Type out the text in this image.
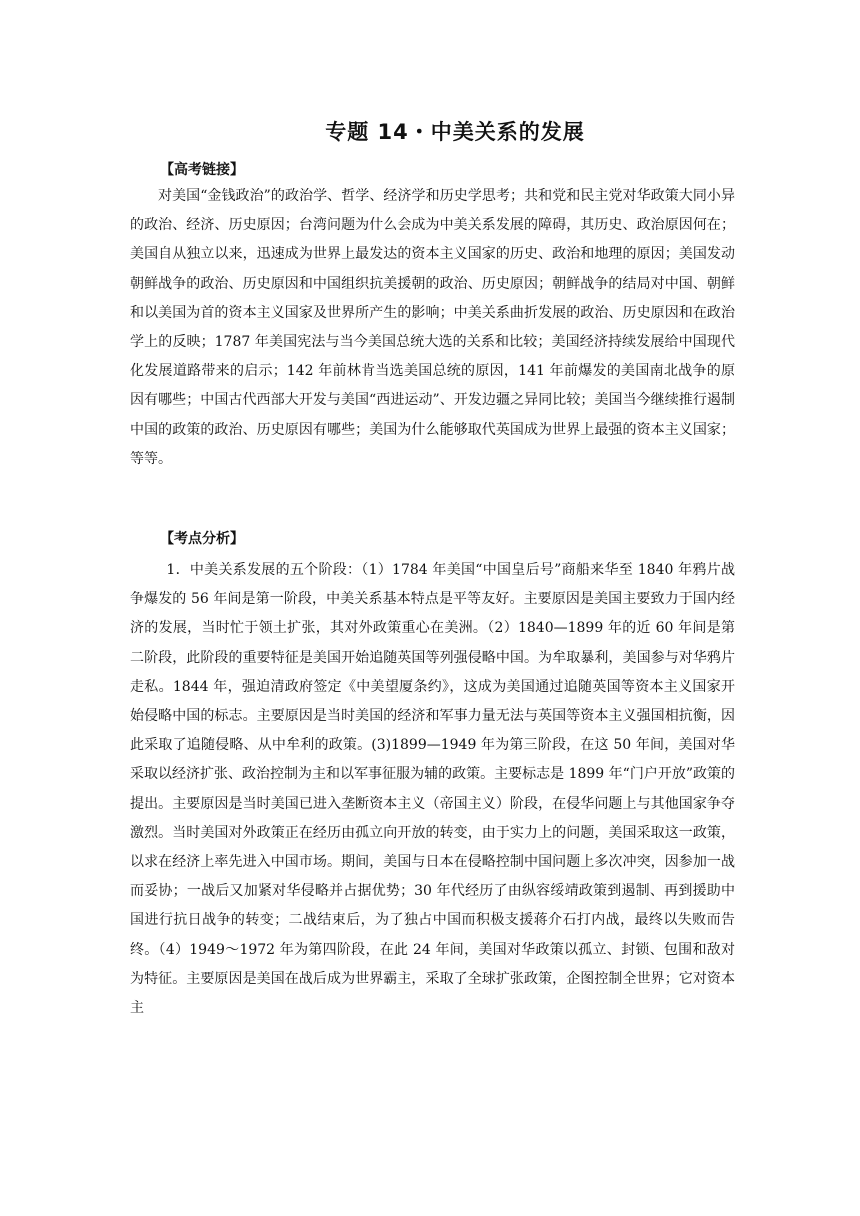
专题 14・中美关系的发展
【高考链接】

对美国“金钱政治”的政治学、哲学、经济学和历史学思考；共和党和民主党对华政策大同小异的政治、经济、历史原因；台湾问题为什么会成为中美关系发展的障碍，其历史、政治原因何在；美国自从独立以来，迅速成为世界上最发达的资本主义国家的历史、政治和地理的原因；美国发动朝鲜战争的政治、历史原因和中国组织抗美援朝的政治、历史原因；朝鲜战争的结局对中国、朝鲜和以美国为首的资本主义国家及世界所产生的影响；中美关系曲折发展的政治、历史原因和在政治学上的反映；1787 年美国宪法与当今美国总统大选的关系和比较；美国经济持续发展给中国现代化发展道路带来的启示；142 年前林肯当选美国总统的原因，141 年前爆发的美国南北战争的原因有哪些；中国古代西部大开发与美国“西进运动”、开发边疆之异同比较；美国当今继续推行遏制中国的政策的政治、历史原因有哪些；美国为什么能够取代英国成为世界上最强的资本主义国家；等等。

【考点分析】

1．中美关系发展的五个阶段：（1）1784 年美国“中国皇后号”商船来华至 1840 年鸦片战争爆发的 56 年间是第一阶段，中美关系基本特点是平等友好。主要原因是美国主要致力于国内经济的发展，当时忙于领土扩张，其对外政策重心在美洲。（2）1840—1899 年的近 60 年间是第二阶段，此阶段的重要特征是美国开始追随英国等列强侵略中国。为牟取暴利，美国参与对华鸦片走私。1844 年，强迫清政府签定《中美望厦条约》，这成为美国通过追随英国等资本主义国家开始侵略中国的标志。主要原因是当时美国的经济和军事力量无法与英国等资本主义强国相抗衡，因此采取了追随侵略、从中牟利的政策。(3)1899—1949 年为第三阶段，在这 50 年间，美国对华采取以经济扩张、政治控制为主和以军事征服为辅的政策。主要标志是 1899 年“门户开放”政策的提出。主要原因是当时美国已进入垄断资本主义（帝国主义）阶段，在侵华问题上与其他国家争夺激烈。当时美国对外政策正在经历由孤立向开放的转变，由于实力上的问题，美国采取这一政策，以求在经济上率先进入中国市场。期间，美国与日本在侵略控制中国问题上多次冲突，因参加一战而妥协；一战后又加紧对华侵略并占据优势；30 年代经历了由纵容绥靖政策到遏制、再到援助中国进行抗日战争的转变；二战结束后，为了独占中国而积极支援蒋介石打内战，最终以失败而告终。（4）1949～1972 年为第四阶段，在此 24 年间，美国对华政策以孤立、封锁、包围和敌对为特征。主要原因是美国在战后成为世界霸主，采取了全球扩张政策，企图控制全世界；它对资本主
